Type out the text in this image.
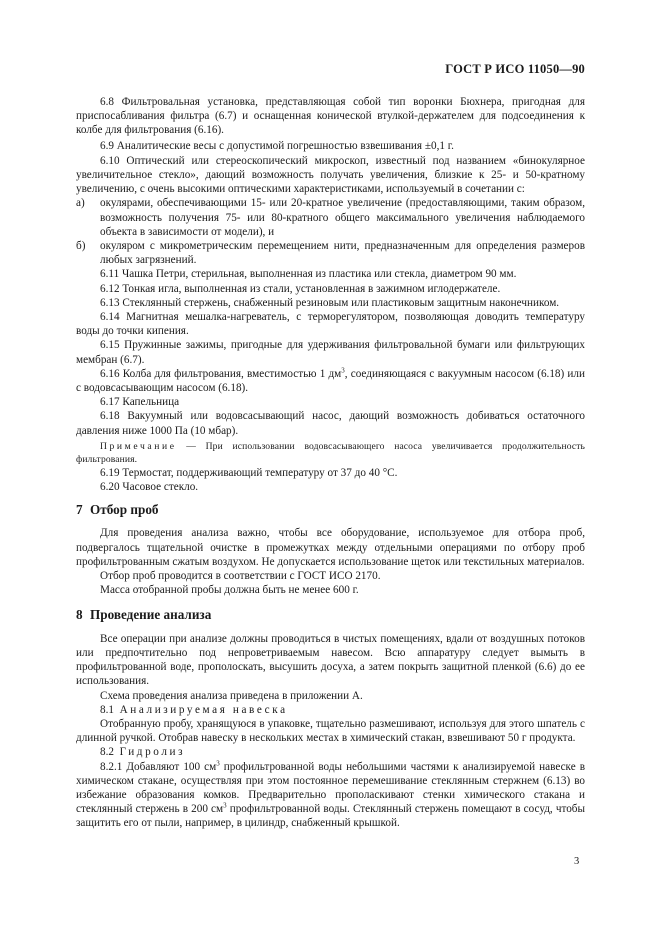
ГОСТ Р ИСО 11050—90

6.8 Фильтровальная установка, представляющая собой тип воронки Бюхнера, пригодная для приспосабливания фильтра (6.7) и оснащенная конической втулкой-держателем для подсоединения к колбе для фильтрования (6.16).

6.9 Аналитические весы с допустимой погрешностью взвешивания ±0,1 г.

6.10 Оптический или стереоскопический микроскоп, известный под названием «бинокулярное увеличительное стекло», дающий возможность получать увеличения, близкие к 25- и 50-кратному увеличению, с очень высокими оптическими характеристиками, используемый в сочетании с:

а)	окулярами, обеспечивающими 15- или 20-кратное увеличение (предоставляющими, таким образом, возможность получения 75- или 80-кратного общего максимального увеличения наблюдаемого объекта в зависимости от модели), и
б)	окуляром с микрометрическим перемещением нити, предназначенным для определения размеров любых загрязнений.

6.11 Чашка Петри, стерильная, выполненная из пластика или стекла, диаметром 90 мм.

6.12 Тонкая игла, выполненная из стали, установленная в зажимном иглодержателе.

6.13 Стеклянный стержень, снабженный резиновым или пластиковым защитным наконечником.

6.14 Магнитная мешалка-нагреватель, с терморегулятором, позволяющая доводить температуру воды до точки кипения.

6.15 Пружинные зажимы, пригодные для удерживания фильтровальной бумаги или фильтрующих мембран (6.7).

6.16 Колба для фильтрования, вместимостью 1 $дм^3$, соединяющаяся с вакуумным насосом (6.18) или с водовсасывающим насосом (6.18).

6.17 Капельница

6.18 Вакуумный или водовсасывающий насос, дающий возможность добиваться остаточного давления ниже 1000 Па (10 мбар).

Примечание — При использовании водовсасывающего насоса увеличивается продолжительность фильтрования.

6.19 Термостат, поддерживающий температуру от 37 до 40 °С.

6.20 Часовое стекло.

7 Отбор проб

Для проведения анализа важно, чтобы все оборудование, используемое для отбора проб, подвергалось тщательной очистке в промежутках между отдельными операциями по отбору проб профильтрованным сжатым воздухом. Не допускается использование щеток или текстильных материалов.

Отбор проб проводится в соответствии с ГОСТ ИСО 2170.

Масса отобранной пробы должна быть не менее 600 г.

8 Проведение анализа

Все операции при анализе должны проводиться в чистых помещениях, вдали от воздушных потоков или предпочтительно под непроветриваемым навесом. Всю аппаратуру следует вымыть в профильтрованной воде, прополоскать, высушить досуха, а затем покрыть защитной пленкой (6.6) до ее использования.

Схема проведения анализа приведена в приложении А.

8.1 Анализируемая навеска

Отобранную пробу, хранящуюся в упаковке, тщательно размешивают, используя для этого шпатель с длинной ручкой. Отобрав навеску в нескольких местах в химический стакан, взвешивают 50 г продукта.

8.2 Гидролиз

8.2.1 Добавляют 100 $см^3$ профильтрованной воды небольшими частями к анализируемой навеске в химическом стакане, осуществляя при этом постоянное перемешивание стеклянным стержнем (6.13) во избежание образования комков. Предварительно прополаскивают стенки химического стакана и стеклянный стержень в 200 $см^3$ профильтрованной воды. Стеклянный стержень помещают в сосуд, чтобы защитить его от пыли, например, в цилиндр, снабженный крышкой.

3
